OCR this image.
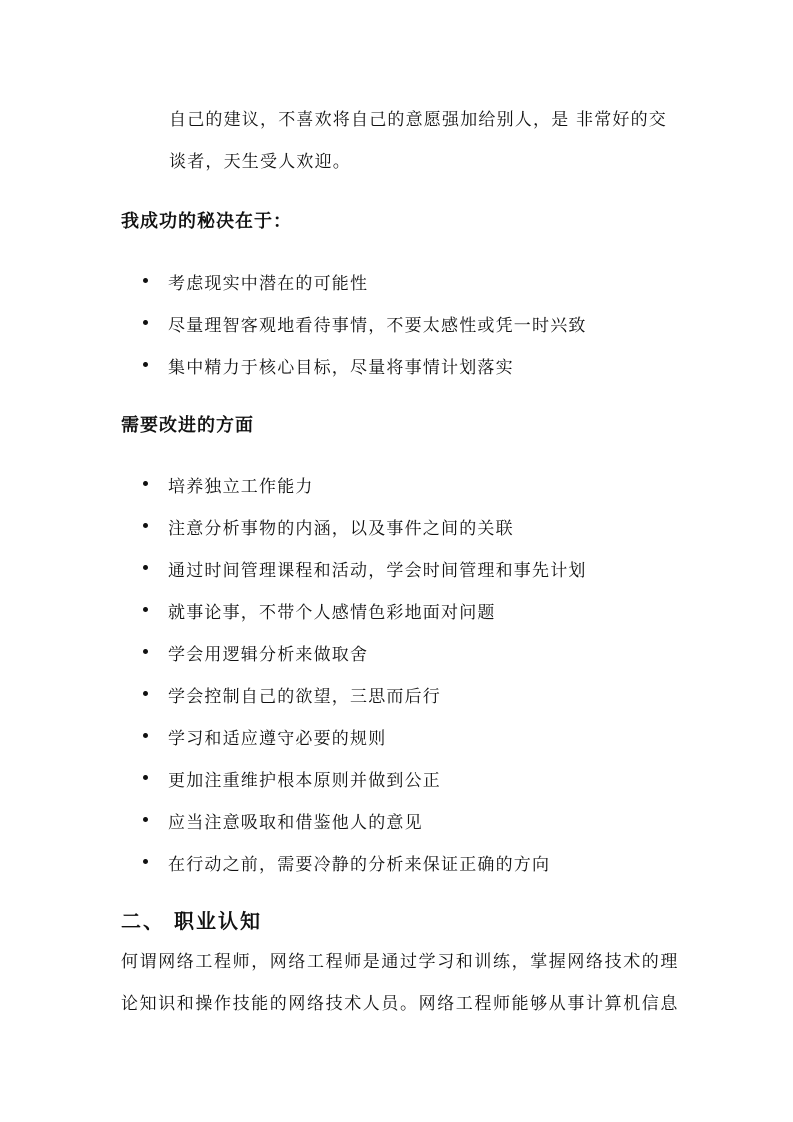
自己的建议，不喜欢将自己的意愿强加给别人，是 非常好的交
谈者，天生受人欢迎。
我成功的秘决在于：
考虑现实中潜在的可能性
尽量理智客观地看待事情，不要太感性或凭一时兴致
集中精力于核心目标，尽量将事情计划落实
需要改进的方面
培养独立工作能力
注意分析事物的内涵，以及事件之间的关联
通过时间管理课程和活动，学会时间管理和事先计划
就事论事，不带个人感情色彩地面对问题
学会用逻辑分析来做取舍
学会控制自己的欲望，三思而后行
学习和适应遵守必要的规则
更加注重维护根本原则并做到公正
应当注意吸取和借鉴他人的意见
在行动之前，需要冷静的分析来保证正确的方向
二、 职业认知
何谓网络工程师，网络工程师是通过学习和训练，掌握网络技术的理
论知识和操作技能的网络技术人员。网络工程师能够从事计算机信息
